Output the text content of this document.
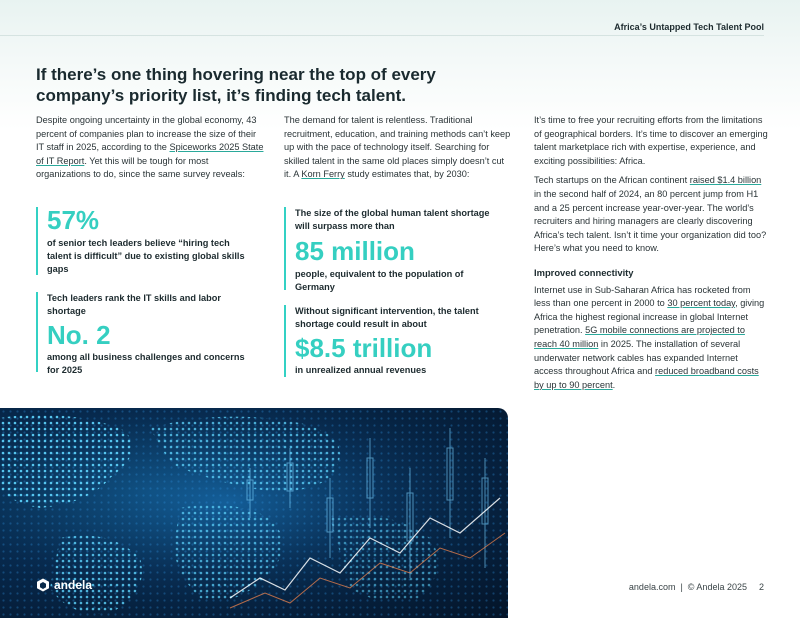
Africa’s Untapped Tech Talent Pool
If there’s one thing hovering near the top of every company’s priority list, it’s finding tech talent.

Despite ongoing uncertainty in the global economy, 43 percent of companies plan to increase the size of their IT staff in 2025, according to the Spiceworks 2025 State of IT Report. Yet this will be tough for most organizations to do, since the same survey reveals:

57%
of senior tech leaders believe “hiring tech talent is difficult” due to existing global skills gaps
Tech leaders rank the IT skills and labor shortage
No. 2
among all business challenges and concerns for 2025

The demand for talent is relentless. Traditional recruitment, education, and training methods can’t keep up with the pace of technology itself. Searching for skilled talent in the same old places simply doesn’t cut it. A Korn Ferry study estimates that, by 2030:

The size of the global human talent shortage will surpass more than
85 million
people, equivalent to the population of Germany
Without significant intervention, the talent shortage could result in about
$8.5 trillion
in unrealized annual revenues

It’s time to free your recruiting efforts from the limitations of geographical borders. It’s time to discover an emerging talent marketplace rich with expertise, experience, and exciting possibilities: Africa.

Tech startups on the African continent raised $1.4 billion in the second half of 2024, an 80 percent jump from H1 and a 25 percent increase year-over-year. The world’s recruiters and hiring managers are clearly discovering Africa’s tech talent. Isn’t it time your organization did too? Here’s what you need to know.

Improved connectivity

Internet use in Sub-Saharan Africa has rocketed from less than one percent in 2000 to 30 percent today, giving Africa the highest regional increase in global Internet penetration. 5G mobile connections are projected to reach 40 million in 2025. The installation of several underwater network cables has expanded Internet access throughout Africa and reduced broadband costs by up to 90 percent.

andela	andela.com | © Andela 2025 2
